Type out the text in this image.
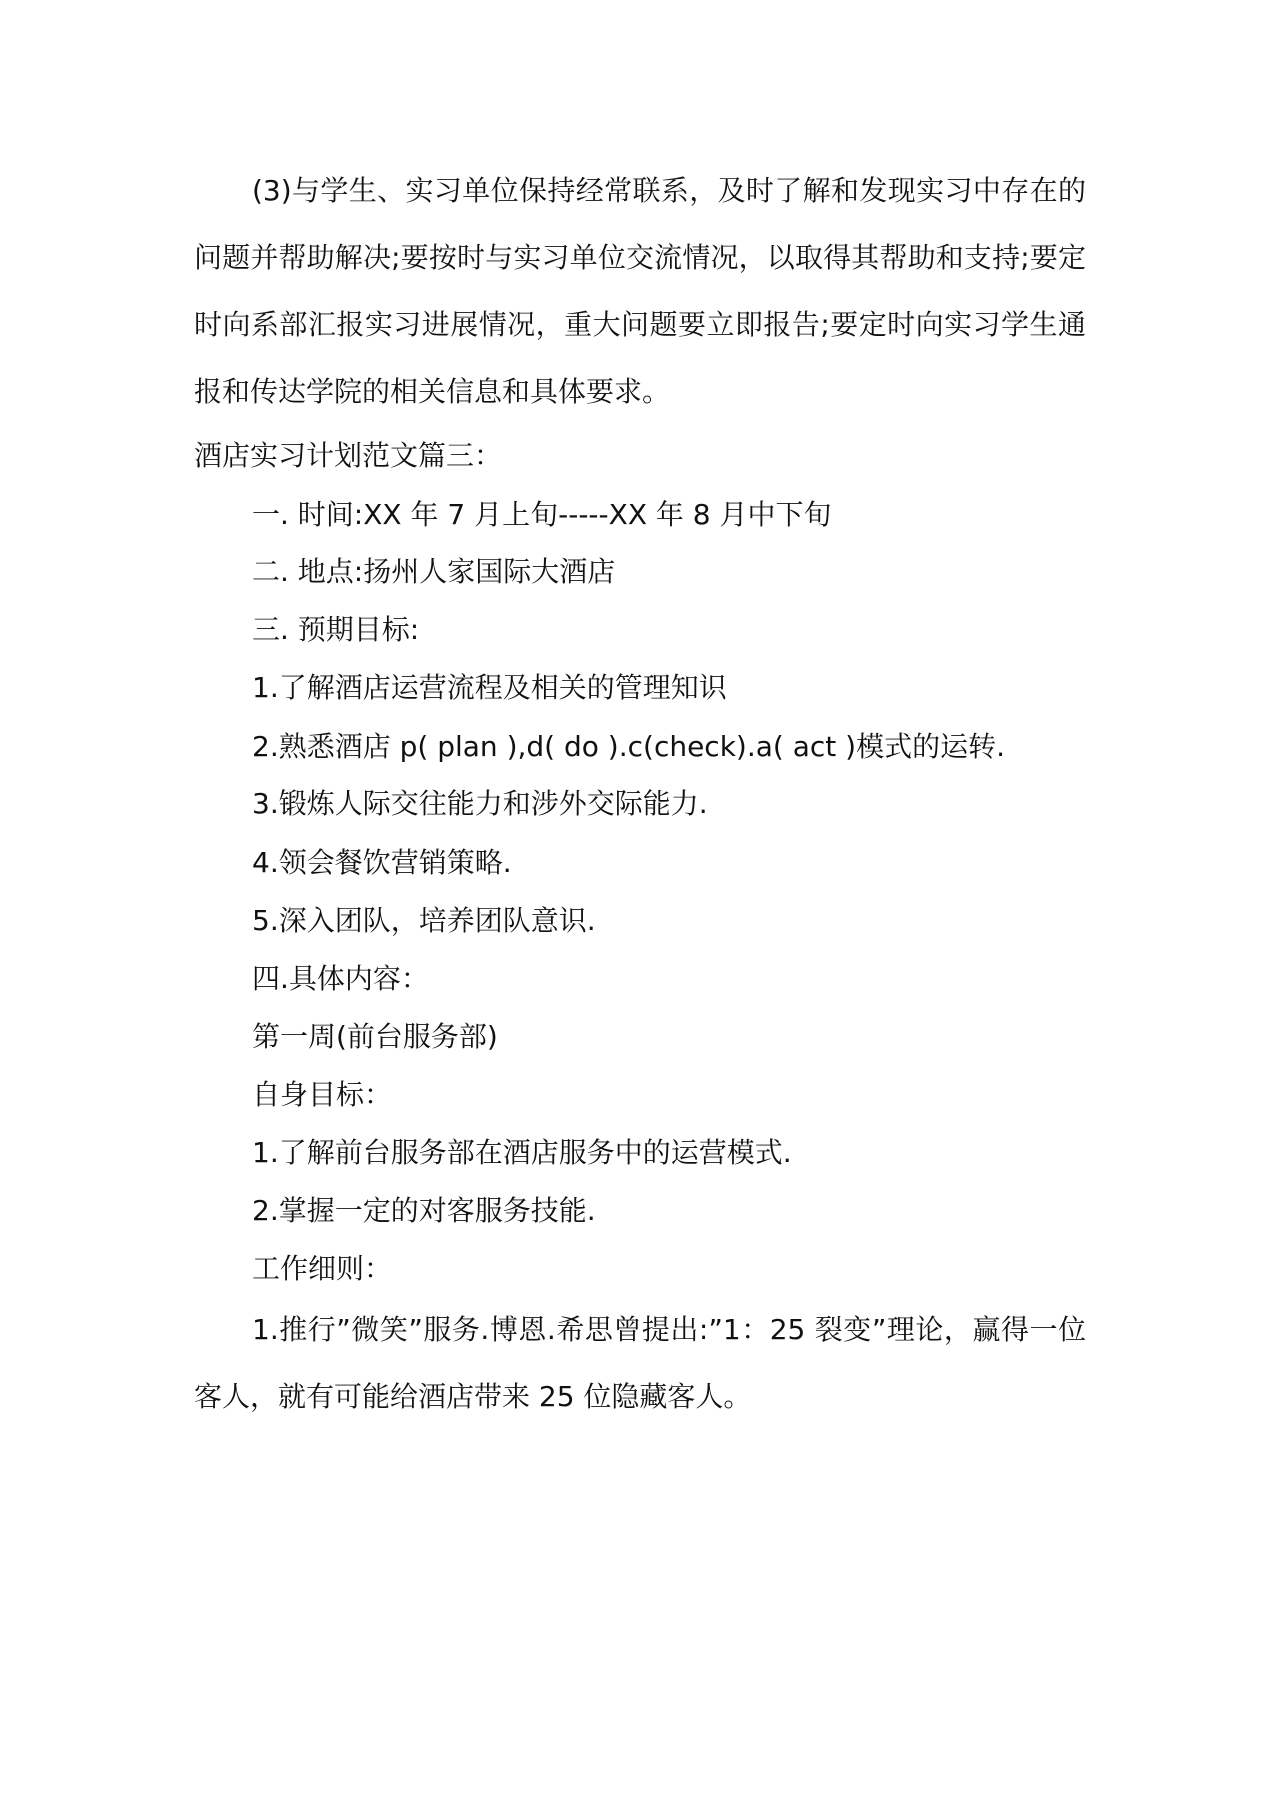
(3)与学生、实习单位保持经常联系，及时了解和发现实习中存在的问题并帮助解决;要按时与实习单位交流情况，以取得其帮助和支持;要定时向系部汇报实习进展情况，重大问题要立即报告;要定时向实习学生通报和传达学院的相关信息和具体要求。

酒店实习计划范文篇三：
一. 时间:XX 年 7 月上旬-----XX 年 8 月中下旬
二. 地点:扬州人家国际大酒店
三. 预期目标:
1.了解酒店运营流程及相关的管理知识
2.熟悉酒店 p( plan ),d( do ).c(check).a( act )模式的运转.
3.锻炼人际交往能力和涉外交际能力.
4.领会餐饮营销策略.
5.深入团队，培养团队意识.
四.具体内容：
第一周(前台服务部)
自身目标：
1.了解前台服务部在酒店服务中的运营模式.
2.掌握一定的对客服务技能.
工作细则：

1.推行”微笑”服务.博恩.希思曾提出:”1：25 裂变”理论，赢得一位客人，就有可能给酒店带来 25 位隐藏客人。
